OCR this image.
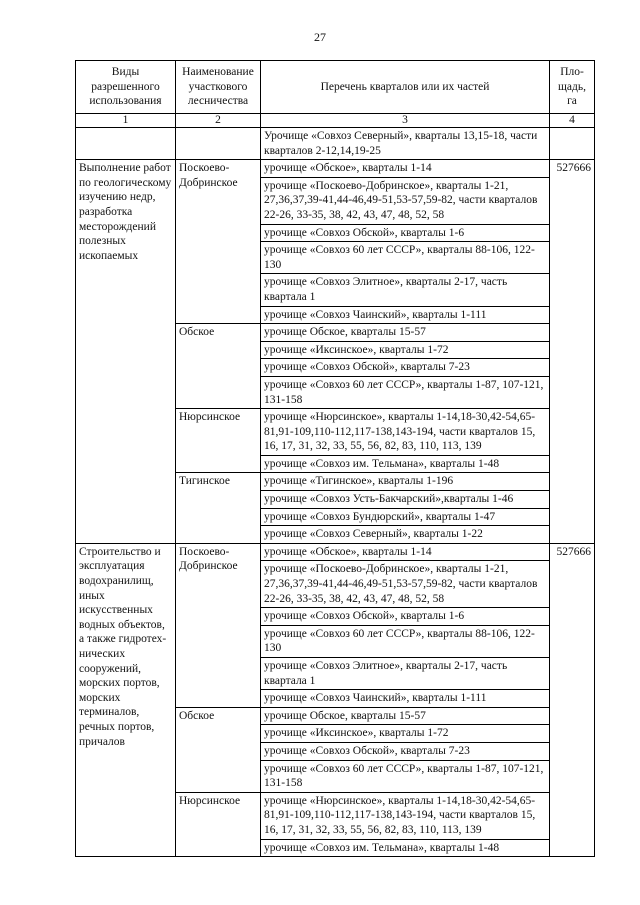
27
Виды разрешенного использования	Наименование участкового лесничества	Перечень кварталов или их частей	Пло-щадь, га
1	2	3	4
		Урочище «Совхоз Северный», кварталы 13,15-18, части кварталов 2-12,14,19-25	
Выполнение работ по геологическому изучению недр, разработка месторождений полезных ископаемых	Поскоево-Добринское	урочище «Обское», кварталы 1-14	527666
		урочище «Поскоево-Добринское», кварталы 1-21, 27,36,37,39-41,44-46,49-51,53-57,59-82, части кварталов 22-26, 33-35, 38, 42, 43, 47, 48, 52, 58	
		урочище «Совхоз Обской», кварталы 1-6	
		урочище «Совхоз 60 лет СССР», кварталы 88-106, 122-130	
		урочище «Совхоз Элитное», кварталы 2-17, часть квартала 1	
		урочище «Совхоз Чаинский», кварталы 1-111	
	Обское	урочище Обское, кварталы 15-57	
		урочище «Иксинское», кварталы 1-72	
		урочище «Совхоз Обской», кварталы 7-23	
		урочище «Совхоз 60 лет СССР», кварталы 1-87, 107-121, 131-158	
	Нюрсинское	урочище «Нюрсинское», кварталы 1-14,18-30,42-54,65-81,91-109,110-112,117-138,143-194, части кварталов 15, 16, 17, 31, 32, 33, 55, 56, 82, 83, 110, 113, 139	
		урочище «Совхоз им. Тельмана», кварталы 1-48	
	Тигинское	урочище «Тигинское», кварталы 1-196	
		урочище «Совхоз Усть-Бакчарский»,кварталы 1-46	
		урочище «Совхоз Бундюрский», кварталы 1-47	
		урочище «Совхоз Северный», кварталы 1-22	
Строительство и эксплуатация водохранилищ, иных искусственных водных объектов, а также гидротех-нических сооружений, морских портов, морских терминалов, речных портов, причалов	Поскоево-Добринское	урочище «Обское», кварталы 1-14	527666
		урочище «Поскоево-Добринское», кварталы 1-21, 27,36,37,39-41,44-46,49-51,53-57,59-82, части кварталов 22-26, 33-35, 38, 42, 43, 47, 48, 52, 58	
		урочище «Совхоз Обской», кварталы 1-6	
		урочище «Совхоз 60 лет СССР», кварталы 88-106, 122-130	
		урочище «Совхоз Элитное», кварталы 2-17, часть квартала 1	
		урочище «Совхоз Чаинский», кварталы 1-111	
	Обское	урочище Обское, кварталы 15-57	
		урочище «Иксинское», кварталы 1-72	
		урочище «Совхоз Обской», кварталы 7-23	
		урочище «Совхоз 60 лет СССР», кварталы 1-87, 107-121, 131-158	
	Нюрсинское	урочище «Нюрсинское», кварталы 1-14,18-30,42-54,65-81,91-109,110-112,117-138,143-194, части кварталов 15, 16, 17, 31, 32, 33, 55, 56, 82, 83, 110, 113, 139	
		урочище «Совхоз им. Тельмана», кварталы 1-48	
